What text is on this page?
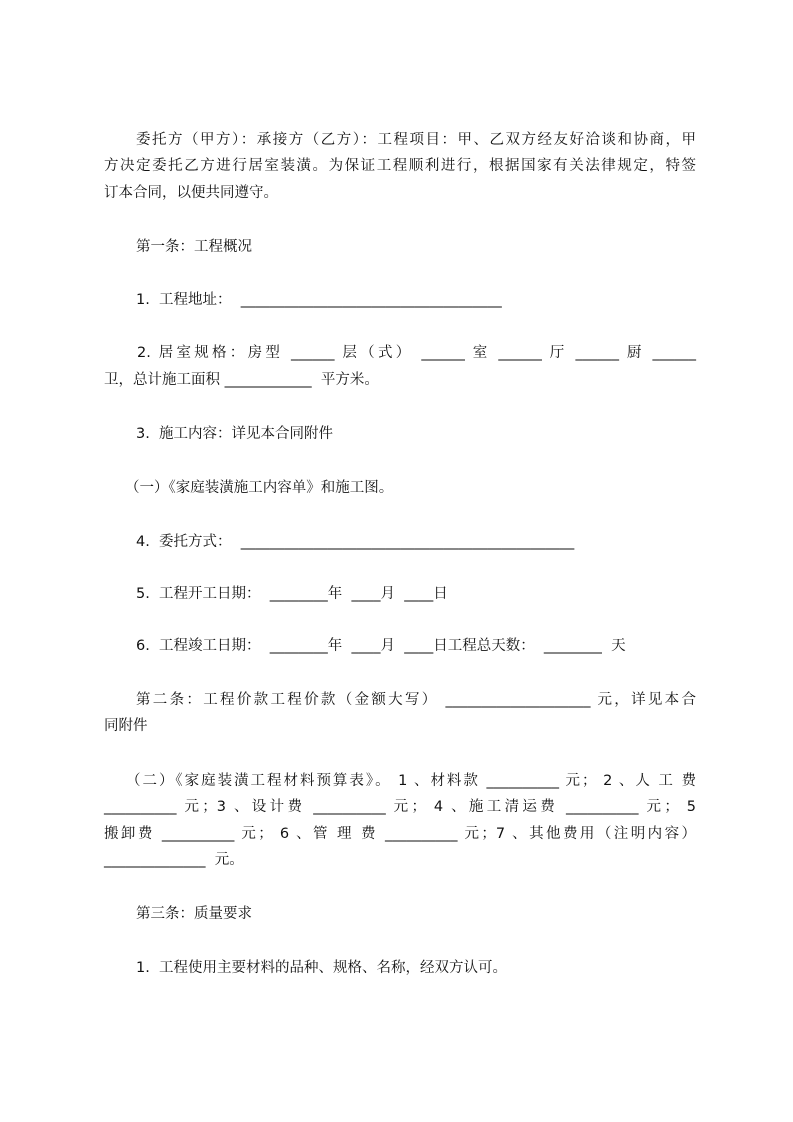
委托方（甲方）：承接方（乙方）：工程项目：甲、乙双方经友好洽谈和协商，甲
方决定委托乙方进行居室装潢。为保证工程顺利进行，根据国家有关法律规定，特签
订本合同，以便共同遵守。
第一条：工程概况
1.  工程地址：  ____________________________________
2. 居室规格：房型 ______ 层（式） ______ 室 ______ 厅 ______ 厨 ______
卫，总计施工面积 ____________  平方米。
3.  施工内容：详见本合同附件
（一）《家庭装潢施工内容单》和施工图。
4.  委托方式：  ______________________________________________
5.  工程开工日期：  ________年  ____月  ____日
6.  工程竣工日期：  ________年  ____月  ____日工程总天数：  ________  天
第二条：工程价款工程价款（金额大写） ____________________ 元，详见本合
同附件
（二）《家庭装潢工程材料预算表》。 1 、材料款 __________ 元； 2 、人 工 费
__________ 元；3 、设计费 __________ 元； 4 、施工清运费 __________ 元； 5
搬卸费 __________ 元； 6 、管 理 费 __________ 元；7 、其他费用（注明内容）
______________  元。
第三条：质量要求
1.  工程使用主要材料的品种、规格、名称，经双方认可。
